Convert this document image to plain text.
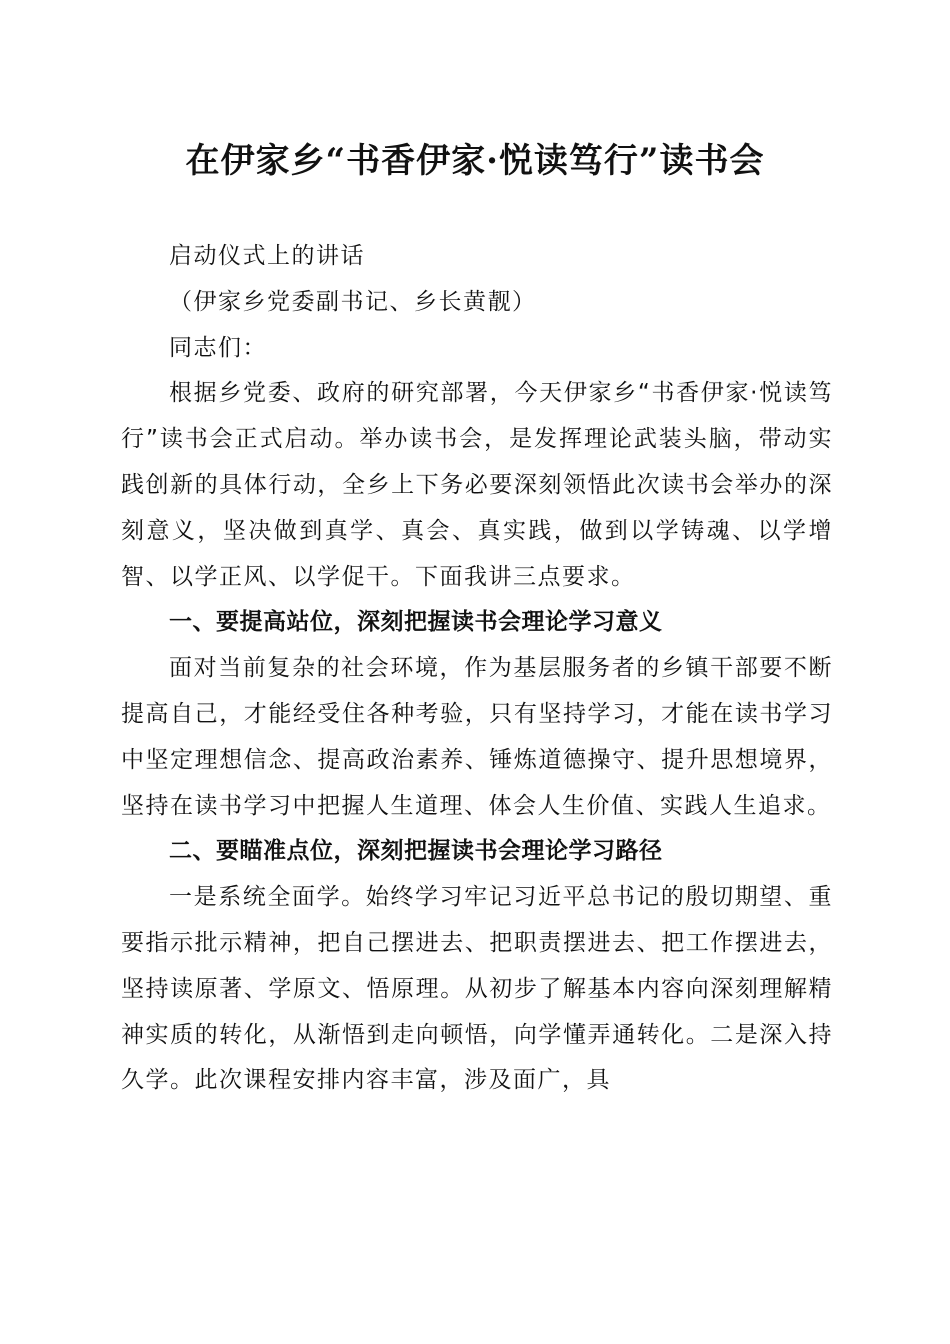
在伊家乡“书香伊家·悦读笃行”读书会

启动仪式上的讲话

（伊家乡党委副书记、乡长黄靓）

同志们：

根据乡党委、政府的研究部署，今天伊家乡“书香伊家·悦读笃行”读书会正式启动。举办读书会，是发挥理论武装头脑，带动实践创新的具体行动，全乡上下务必要深刻领悟此次读书会举办的深刻意义，坚决做到真学、真会、真实践，做到以学铸魂、以学增智、以学正风、以学促干。下面我讲三点要求。

一、要提高站位，深刻把握读书会理论学习意义

面对当前复杂的社会环境，作为基层服务者的乡镇干部要不断提高自己，才能经受住各种考验，只有坚持学习，才能在读书学习中坚定理想信念、提高政治素养、锤炼道德操守、提升思想境界，坚持在读书学习中把握人生道理、体会人生价值、实践人生追求。

二、要瞄准点位，深刻把握读书会理论学习路径

一是系统全面学。始终学习牢记习近平总书记的殷切期望、重要指示批示精神，把自己摆进去、把职责摆进去、把工作摆进去，坚持读原著、学原文、悟原理。从初步了解基本内容向深刻理解精神实质的转化，从渐悟到走向顿悟，向学懂弄通转化。二是深入持久学。此次课程安排内容丰富，涉及面广，具
